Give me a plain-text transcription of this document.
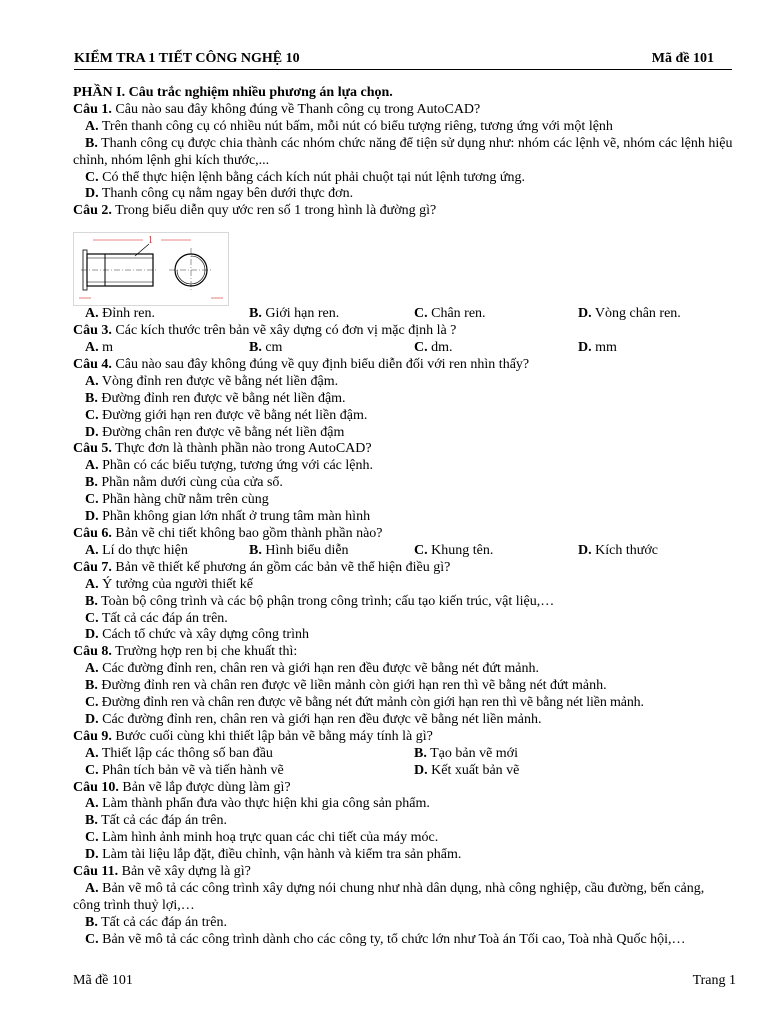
KIỂM TRA 1 TIẾT CÔNG NGHỆ 10	Mã đề 101
PHẦN I. Câu trắc nghiệm nhiều phương án lựa chọn.
Câu 1. Câu nào sau đây không đúng về Thanh công cụ trong AutoCAD?
A. Trên thanh công cụ có nhiều nút bấm, mỗi nút có biểu tượng riêng, tương ứng với một lệnh
B. Thanh công cụ được chia thành các nhóm chức năng để tiện sử dụng như: nhóm các lệnh vẽ, nhóm các lệnh hiệu chỉnh, nhóm lệnh ghi kích thước,...
C. Có thể thực hiện lệnh bằng cách kích nút phải chuột tại nút lệnh tương ứng.
D. Thanh công cụ nằm ngay bên dưới thực đơn.
Câu 2. Trong biểu diễn quy ước ren số 1 trong hình là đường gì?
1
A. Đỉnh ren.	B. Giới hạn ren.	C. Chân ren.	D. Vòng chân ren.
Câu 3. Các kích thước trên bản vẽ xây dựng có đơn vị mặc định là ?
A. m	B. cm	C. dm.	D. mm
Câu 4. Câu nào sau đây không đúng về quy định biểu diễn đối với ren nhìn thấy?
A. Vòng đỉnh ren được vẽ bằng nét liền đậm.
B. Đường đỉnh ren được vẽ bằng nét liền đậm.
C. Đường giới hạn ren được vẽ bằng nét liền đậm.
D. Đường chân ren được vẽ bằng nét liền đậm
Câu 5. Thực đơn là thành phần nào trong AutoCAD?
A. Phần có các biểu tượng, tương ứng với các lệnh.
B. Phần nằm dưới cùng của cửa sổ.
C. Phần hàng chữ nằm trên cùng
D. Phần không gian lớn nhất ở trung tâm màn hình
Câu 6. Bản vẽ chi tiết không bao gồm thành phần nào?
A. Lí do thực hiện	B. Hình biểu diễn	C. Khung tên.	D. Kích thước
Câu 7. Bản vẽ thiết kế phương án gồm các bản vẽ thể hiện điều gì?
A. Ý tưởng của người thiết kế
B. Toàn bộ công trình và các bộ phận trong công trình; cấu tạo kiến trúc, vật liệu,…
C. Tất cả các đáp án trên.
D. Cách tổ chức và xây dựng công trình
Câu 8. Trường hợp ren bị che khuất thì:
A. Các đường đỉnh ren, chân ren và giới hạn ren đều được vẽ bằng nét đứt mảnh.
B. Đường đỉnh ren và chân ren được vẽ liền mảnh còn giới hạn ren thì vẽ bằng nét đứt mảnh.
C. Đường đỉnh ren và chân ren được vẽ bằng nét đứt mảnh còn giới hạn ren thì vẽ bằng nét liền mảnh.
D. Các đường đỉnh ren, chân ren và giới hạn ren đều được vẽ bằng nét liền mảnh.
Câu 9. Bước cuối cùng khi thiết lập bản vẽ bằng máy tính là gì?
A. Thiết lập các thông số ban đầu	B. Tạo bản vẽ mới
C. Phân tích bản vẽ và tiến hành vẽ	D. Kết xuất bản vẽ
Câu 10. Bản vẽ lắp được dùng làm gì?
A. Làm thành phẩn đưa vào thực hiện khi gia công sản phẩm.
B. Tất cả các đáp án trên.
C. Làm hình ảnh minh hoạ trực quan các chi tiết của máy móc.
D. Làm tài liệu lắp đặt, điều chỉnh, vận hành và kiểm tra sản phẩm.
Câu 11. Bản vẽ xây dựng là gì?
A. Bản vẽ mô tả các công trình xây dựng nói chung như nhà dân dụng, nhà công nghiệp, cầu đường, bến cảng, công trình thuỷ lợi,…
B. Tất cả các đáp án trên.
C. Bản vẽ mô tả các công trình dành cho các công ty, tổ chức lớn như Toà án Tối cao, Toà nhà Quốc hội,…
Mã đề 101	Trang 1
